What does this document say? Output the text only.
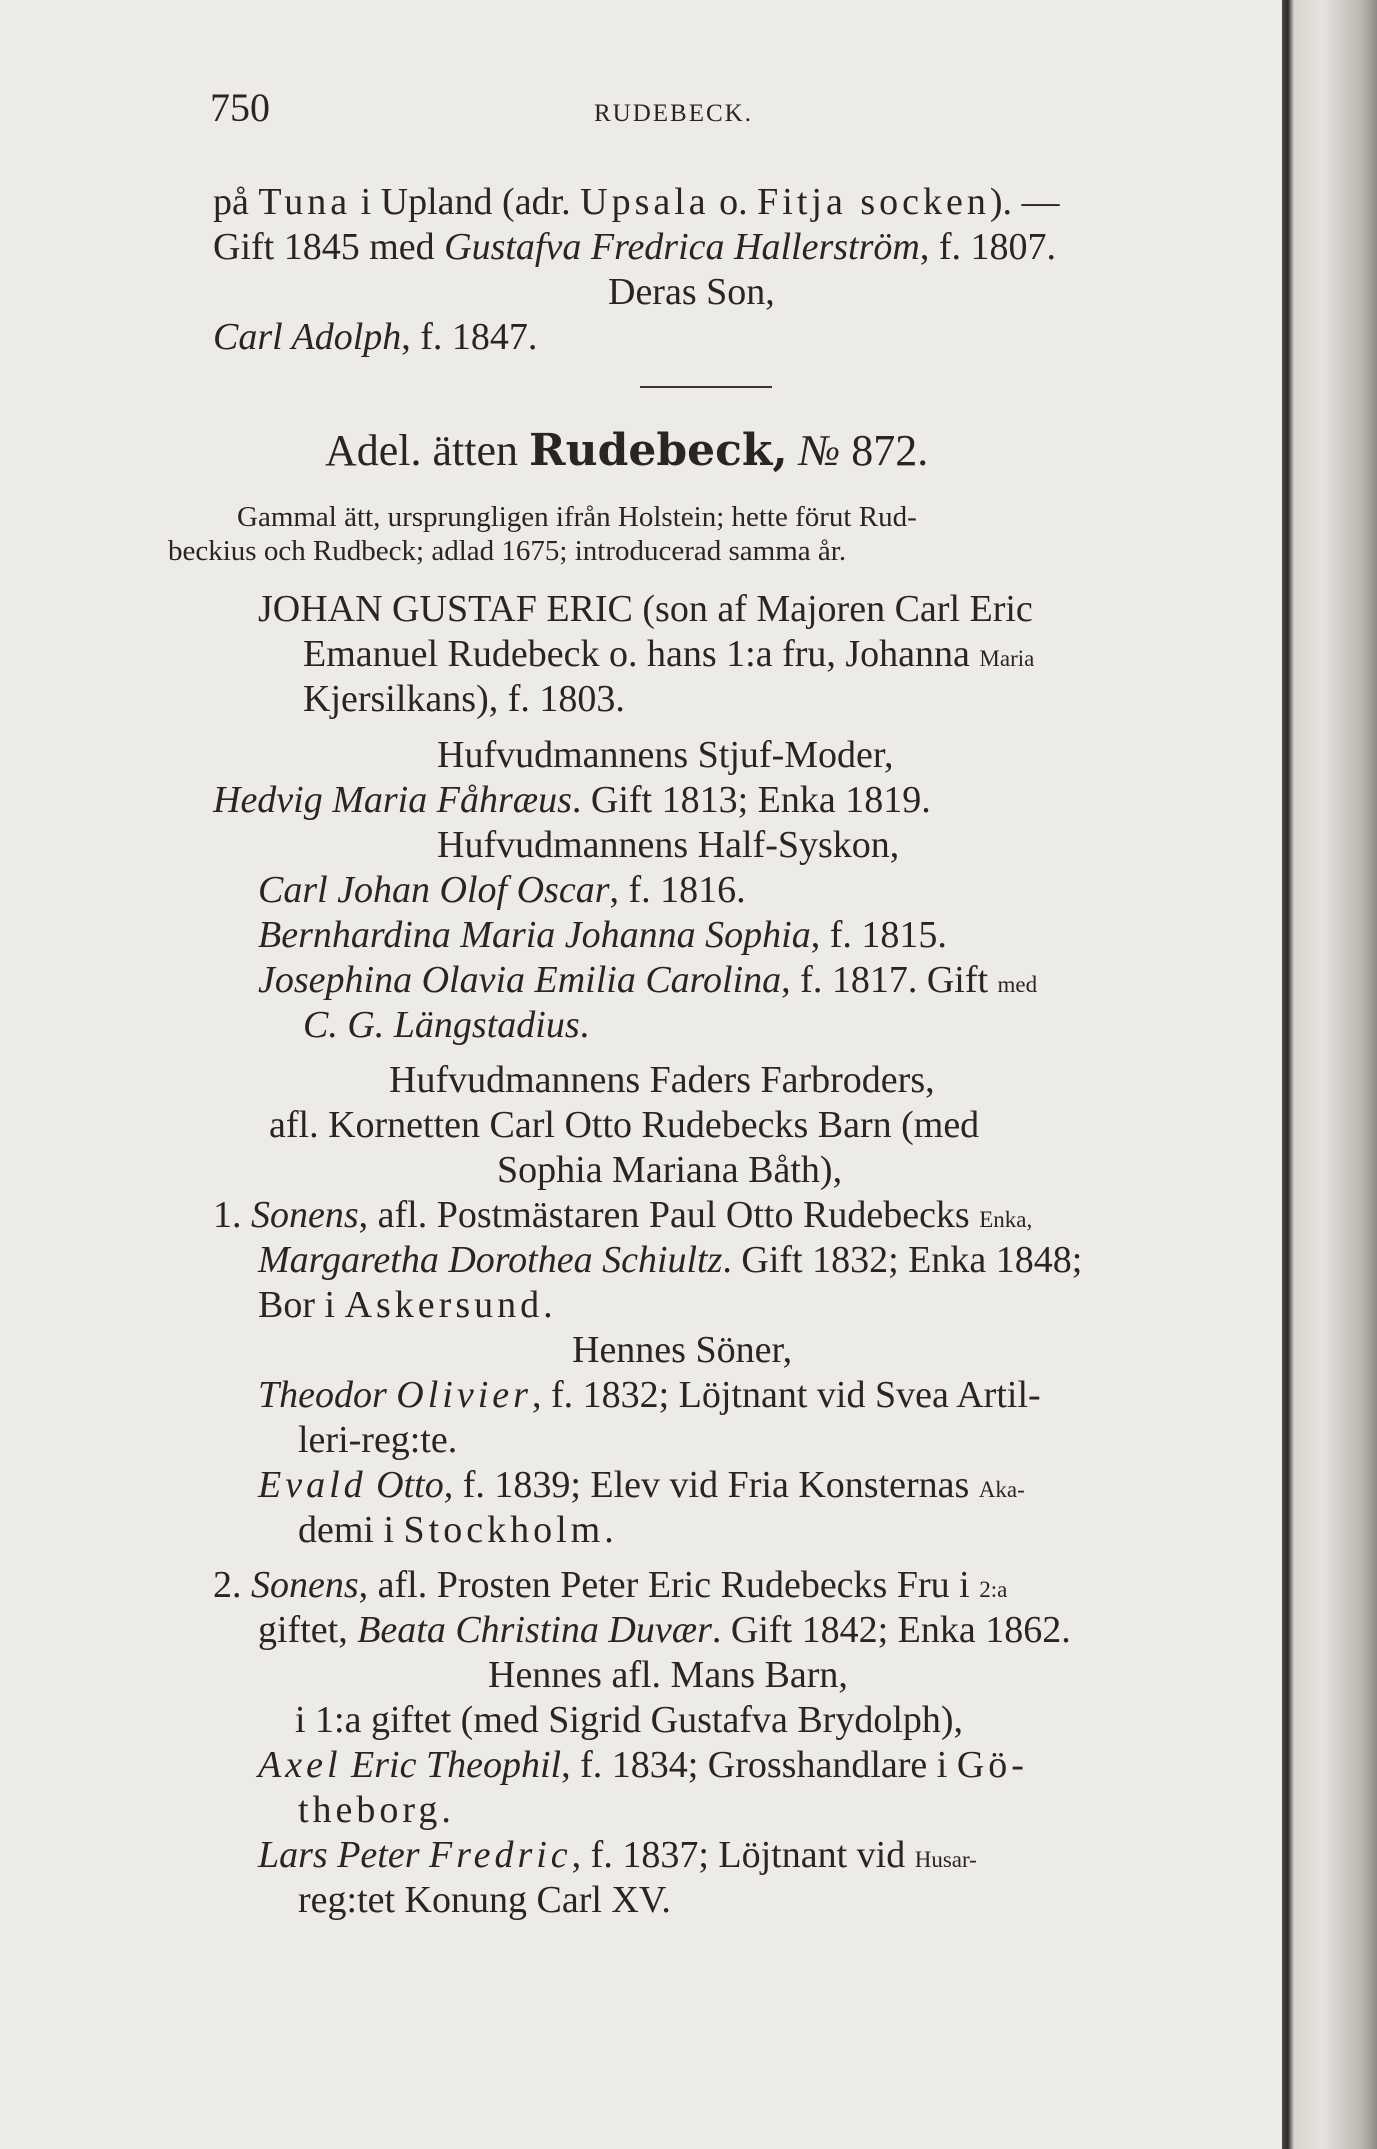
750	RUDEBECK.
på Tuna i Upland (adr. Upsala o. Fitja socken). —
Gift 1845 med Gustafva Fredrica Hallerström, f. 1807.
Deras Son,
Carl Adolph, f. 1847.
Adel. ätten Rudebeck, № 872.
Gammal ätt, ursprungligen ifrån Holstein; hette förut Rud-
beckius och Rudbeck; adlad 1675; introducerad samma år.
JOHAN GUSTAF ERIC (son af Majoren Carl Eric
Emanuel Rudebeck o. hans 1:a fru, Johanna Maria
Kjersilkans), f. 1803.
Hufvudmannens Stjuf-Moder,
Hedvig Maria Fåhræus. Gift 1813; Enka 1819.
Hufvudmannens Half-Syskon,
Carl Johan Olof Oscar, f. 1816.
Bernhardina Maria Johanna Sophia, f. 1815.
Josephina Olavia Emilia Carolina, f. 1817. Gift med
C. G. Längstadius.
Hufvudmannens Faders Farbroders,
afl. Kornetten Carl Otto Rudebecks Barn (med
Sophia Mariana Båth),
1. Sonens, afl. Postmästaren Paul Otto Rudebecks Enka,
Margaretha Dorothea Schiultz. Gift 1832; Enka 1848;
Bor i Askersund.
Hennes Söner,
Theodor Olivier, f. 1832; Löjtnant vid Svea Artil-
leri-reg:te.
Evald Otto, f. 1839; Elev vid Fria Konsternas Aka-
demi i Stockholm.
2. Sonens, afl. Prosten Peter Eric Rudebecks Fru i 2:a
giftet, Beata Christina Duvær. Gift 1842; Enka 1862.
Hennes afl. Mans Barn,
i 1:a giftet (med Sigrid Gustafva Brydolph),
Axel Eric Theophil, f. 1834; Grosshandlare i Gö-
theborg.
Lars Peter Fredric, f. 1837; Löjtnant vid Husar-
reg:tet Konung Carl XV.
